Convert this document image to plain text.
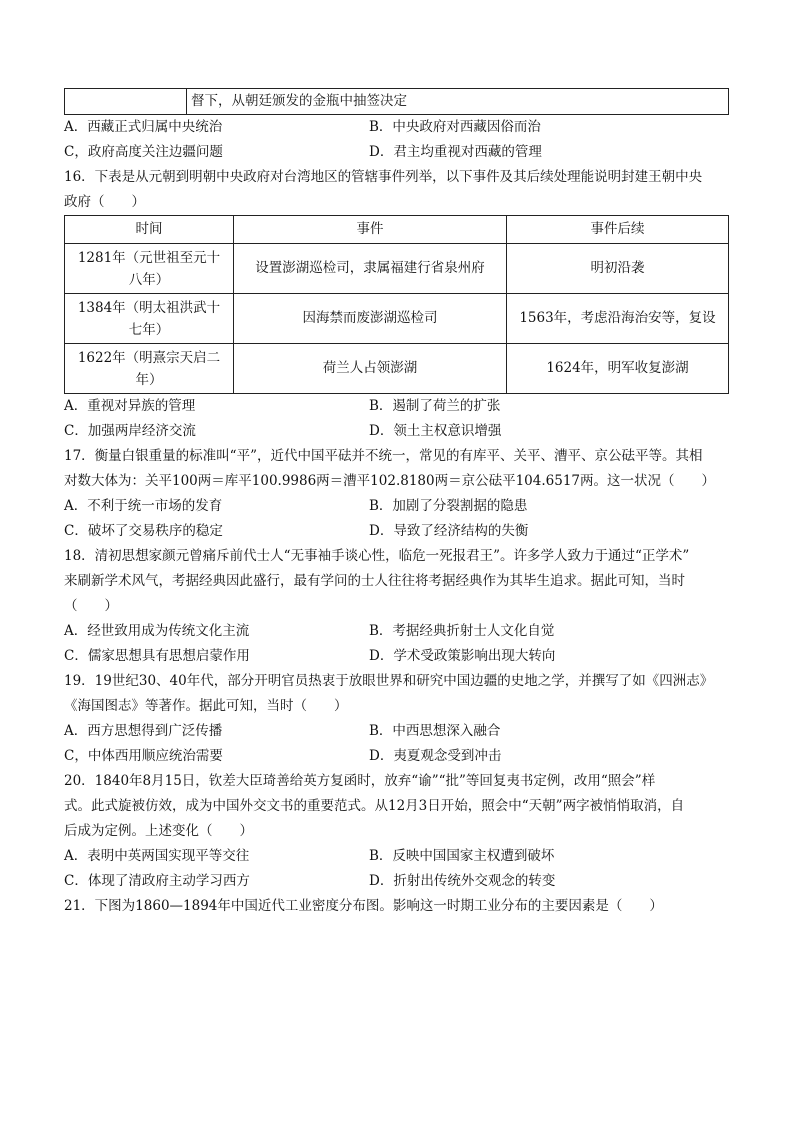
	督下，从朝廷颁发的金瓶中抽签决定
A．西藏正式归属中央统治	B．中央政府对西藏因俗而治
C，政府高度关注边疆问题	D．君主均重视对西藏的管理
16．下表是从元朝到明朝中央政府对台湾地区的管辖事件列举，以下事件及其后续处理能说明封建王朝中央
政府（　　）
时间	事件	事件后续
1281年（元世祖至元十
八年）	设置澎湖巡检司，隶属福建行省泉州府	明初沿袭
1384年（明太祖洪武十
七年）	因海禁而废澎湖巡检司	1563年，考虑沿海治安等，复设
1622年（明熹宗天启二
年）	荷兰人占领澎湖	1624年，明军收复澎湖
A．重视对异族的管理	B．遏制了荷兰的扩张
C．加强两岸经济交流	D．领土主权意识增强
17．衡量白银重量的标准叫“平”，近代中国平砝并不统一，常见的有库平、关平、漕平、京公砝平等。其相
对数大体为：关平100两＝库平100.9986两＝漕平102.8180两＝京公砝平104.6517两。这一状况（　　）
A．不利于统一市场的发育	B．加剧了分裂割据的隐患
C．破坏了交易秩序的稳定	D．导致了经济结构的失衡
18．清初思想家颜元曾痛斥前代士人“无事袖手谈心性，临危一死报君王”。许多学人致力于通过“正学术”
来刷新学术风气，考据经典因此盛行，最有学问的士人往往将考据经典作为其毕生追求。据此可知，当时
（　　）
A．经世致用成为传统文化主流	B．考据经典折射士人文化自觉
C．儒家思想具有思想启蒙作用	D．学术受政策影响出现大转向
19．19世纪30、40年代，部分开明官员热衷于放眼世界和研究中国边疆的史地之学，并撰写了如《四洲志》
《海国图志》等著作。据此可知，当时（　　）
A．西方思想得到广泛传播	B．中西思想深入融合
C，中体西用顺应统治需要	D．夷夏观念受到冲击
20．1840年8月15日，钦差大臣琦善给英方复函时，放弃“谕”“批”等回复夷书定例，改用“照会”样
式。此式旋被仿效，成为中国外交文书的重要范式。从12月3日开始，照会中“天朝”两字被悄悄取消，自
后成为定例。上述变化（　　）
A．表明中英两国实现平等交往	B．反映中国国家主权遭到破坏
C．体现了清政府主动学习西方	D．折射出传统外交观念的转变
21．下图为1860—1894年中国近代工业密度分布图。影响这一时期工业分布的主要因素是（　　）
